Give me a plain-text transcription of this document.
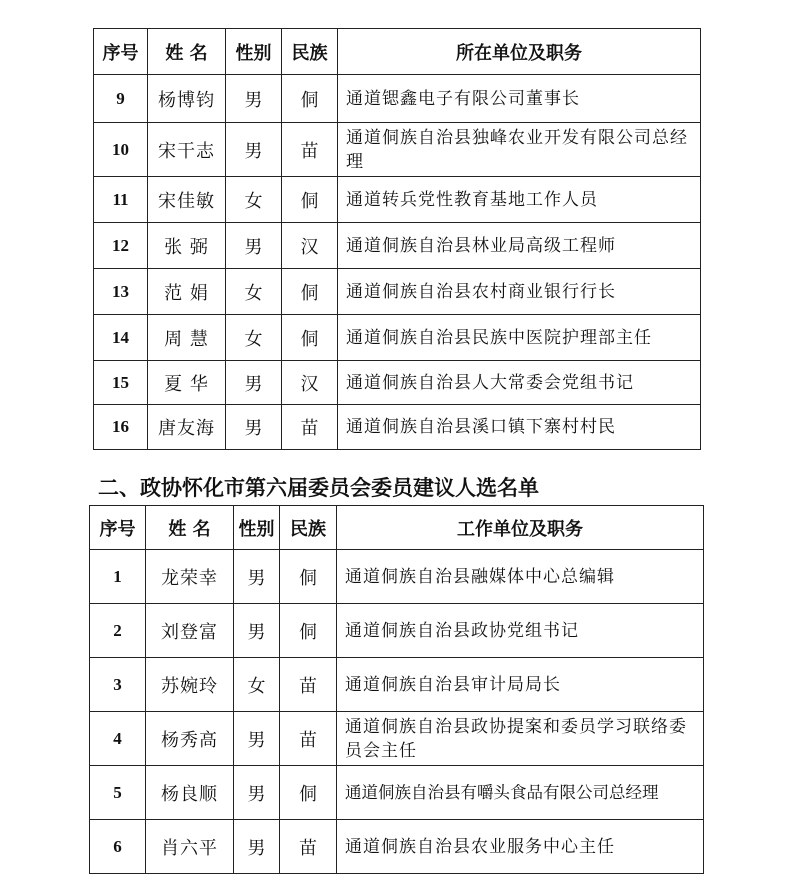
序号	姓 名	性别	民族	所在单位及职务
9	杨博钧	男	侗	通道锶鑫电子有限公司董事长
10	宋干志	男	苗	通道侗族自治县独峰农业开发有限公司总经理
11	宋佳敏	女	侗	通道转兵党性教育基地工作人员
12	张 弼	男	汉	通道侗族自治县林业局高级工程师
13	范 娟	女	侗	通道侗族自治县农村商业银行行长
14	周 慧	女	侗	通道侗族自治县民族中医院护理部主任
15	夏 华	男	汉	通道侗族自治县人大常委会党组书记
16	唐友海	男	苗	通道侗族自治县溪口镇下寨村村民
二、政协怀化市第六届委员会委员建议人选名单
序号	姓 名	性别	民族	工作单位及职务
1	龙荣幸	男	侗	通道侗族自治县融媒体中心总编辑
2	刘登富	男	侗	通道侗族自治县政协党组书记
3	苏婉玲	女	苗	通道侗族自治县审计局局长
4	杨秀高	男	苗	通道侗族自治县政协提案和委员学习联络委员会主任
5	杨良顺	男	侗	通道侗族自治县有嚼头食品有限公司总经理
6	肖六平	男	苗	通道侗族自治县农业服务中心主任
